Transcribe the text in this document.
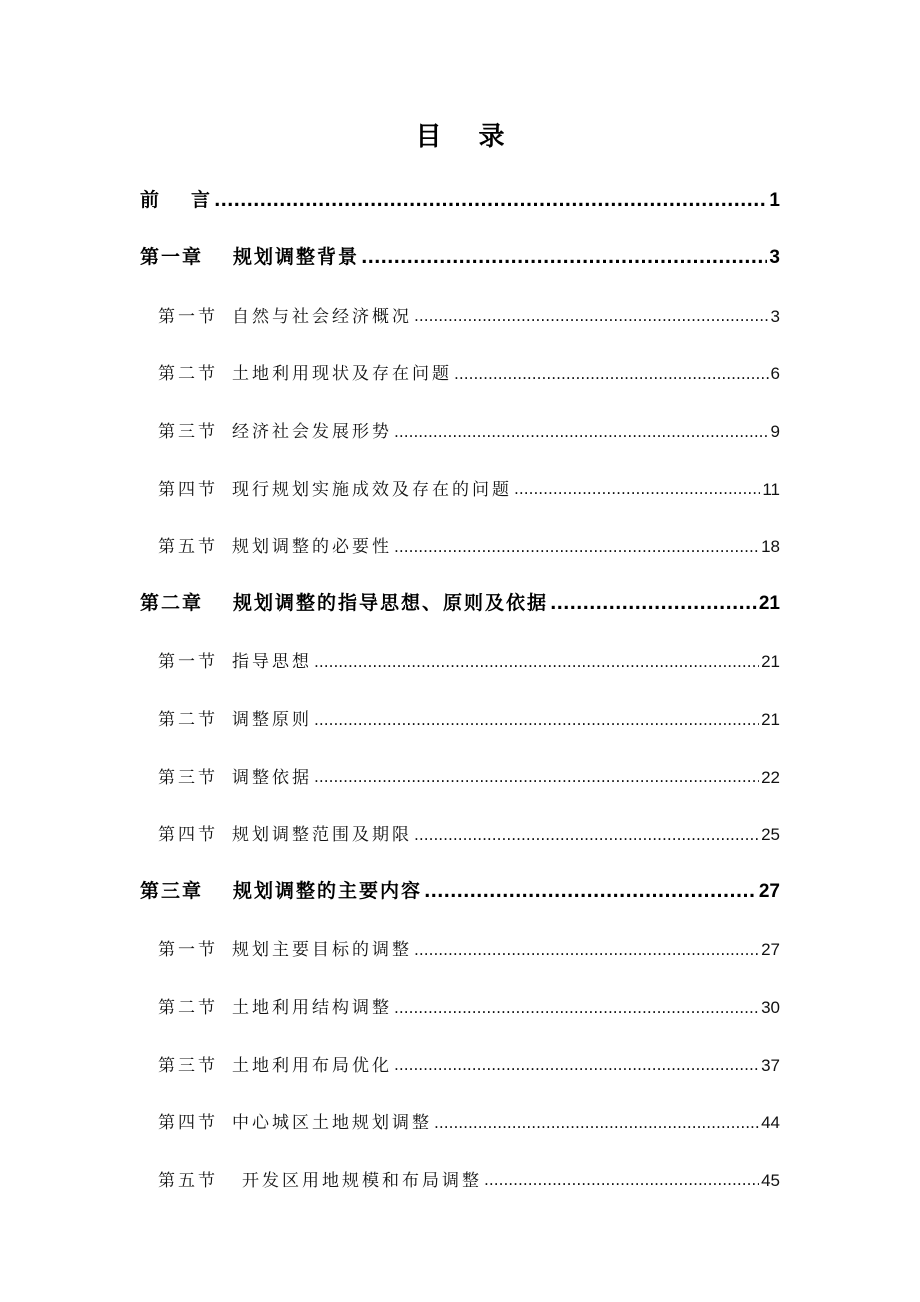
目 录
前 言 .....	1
第一章 规划调整背景 .....	3
第一节 自然与社会经济概况 .....	3
第二节 土地利用现状及存在问题 .....	6
第三节 经济社会发展形势 .....	9
第四节 现行规划实施成效及存在的问题 .....	11
第五节 规划调整的必要性 .....	18
第二章 规划调整的指导思想、原则及依据 .....	21
第一节 指导思想 .....	21
第二节 调整原则 .....	21
第三节 调整依据 .....	22
第四节 规划调整范围及期限 .....	25
第三章 规划调整的主要内容 .....	27
第一节 规划主要目标的调整 .....	27
第二节 土地利用结构调整 .....	30
第三节 土地利用布局优化 .....	37
第四节 中心城区土地规划调整 .....	44
第五节 开发区用地规模和布局调整 .....	45
